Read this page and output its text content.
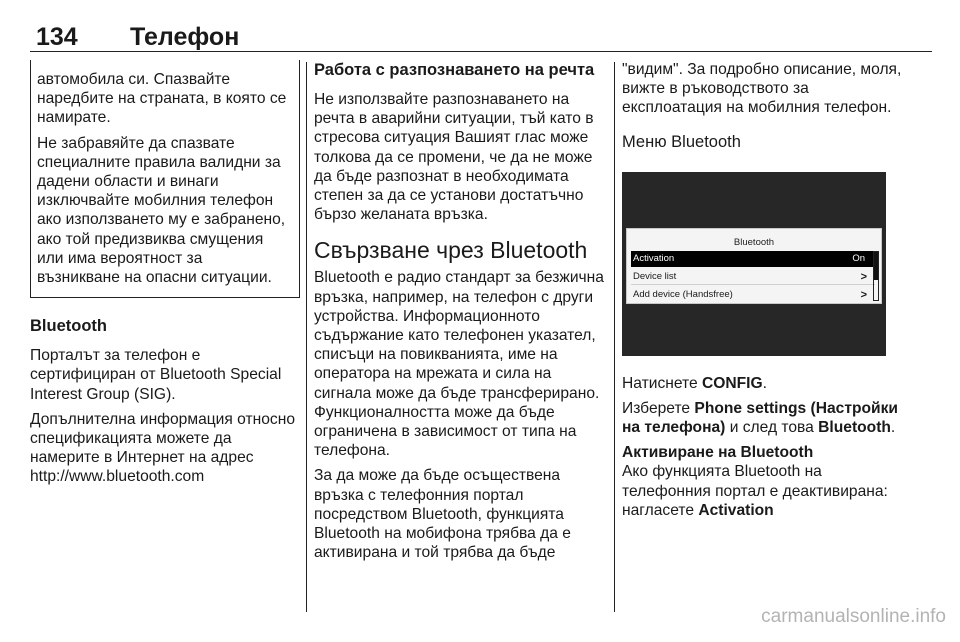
134 Телефон

автомобила си. Спазвайте наредбите на страната, в която се намирате.

Не забравяйте да спазвате специалните правила валидни за дадени области и винаги изключвайте мобилния телефон ако използването му е забранено, ако той предизвиква смущения или има вероятност за възникване на опасни ситуации.

Bluetooth

Порталът за телефон е сертифициран от Bluetooth Special Interest Group (SIG).

Допълнителна информация относно спецификацията можете да намерите в Интернет на адрес http://www.bluetooth.com

Работа с разпознаването на речта

Не използвайте разпознаването на речта в аварийни ситуации, тъй като в стресова ситуация Вашият глас може толкова да се промени, че да не може да бъде разпознат в необходимата степен за да се установи достатъчно бързо желаната връзка.

Свързване чрез Bluetooth

Bluetooth е радио стандарт за безжична връзка, например, на телефон с други устройства. Информационното съдържание като телефонен указател, списъци на повикванията, име на оператора на мрежата и сила на сигнала може да бъде трансферирано. Функционалността може да бъде ограничена в зависимост от типа на телефона.

За да може да бъде осъществена връзка с телефонния портал посредством Bluetooth, функцията Bluetooth на мобифона трябва да е активирана и той трябва да бъде

"видим". За подробно описание, моля, вижте в ръководството за експлоатация на мобилния телефон.

Меню Bluetooth
Bluetooth
Activation	On
Device list	>
Add device (Handsfree)	>

Натиснете CONFIG.

Изберете Phone settings (Настройки на телефона) и след това Bluetooth.

Активиране на Bluetooth

Ако функцията Bluetooth на телефонния портал е деактивирана: нагласете Activation

carmanualsonline.info
